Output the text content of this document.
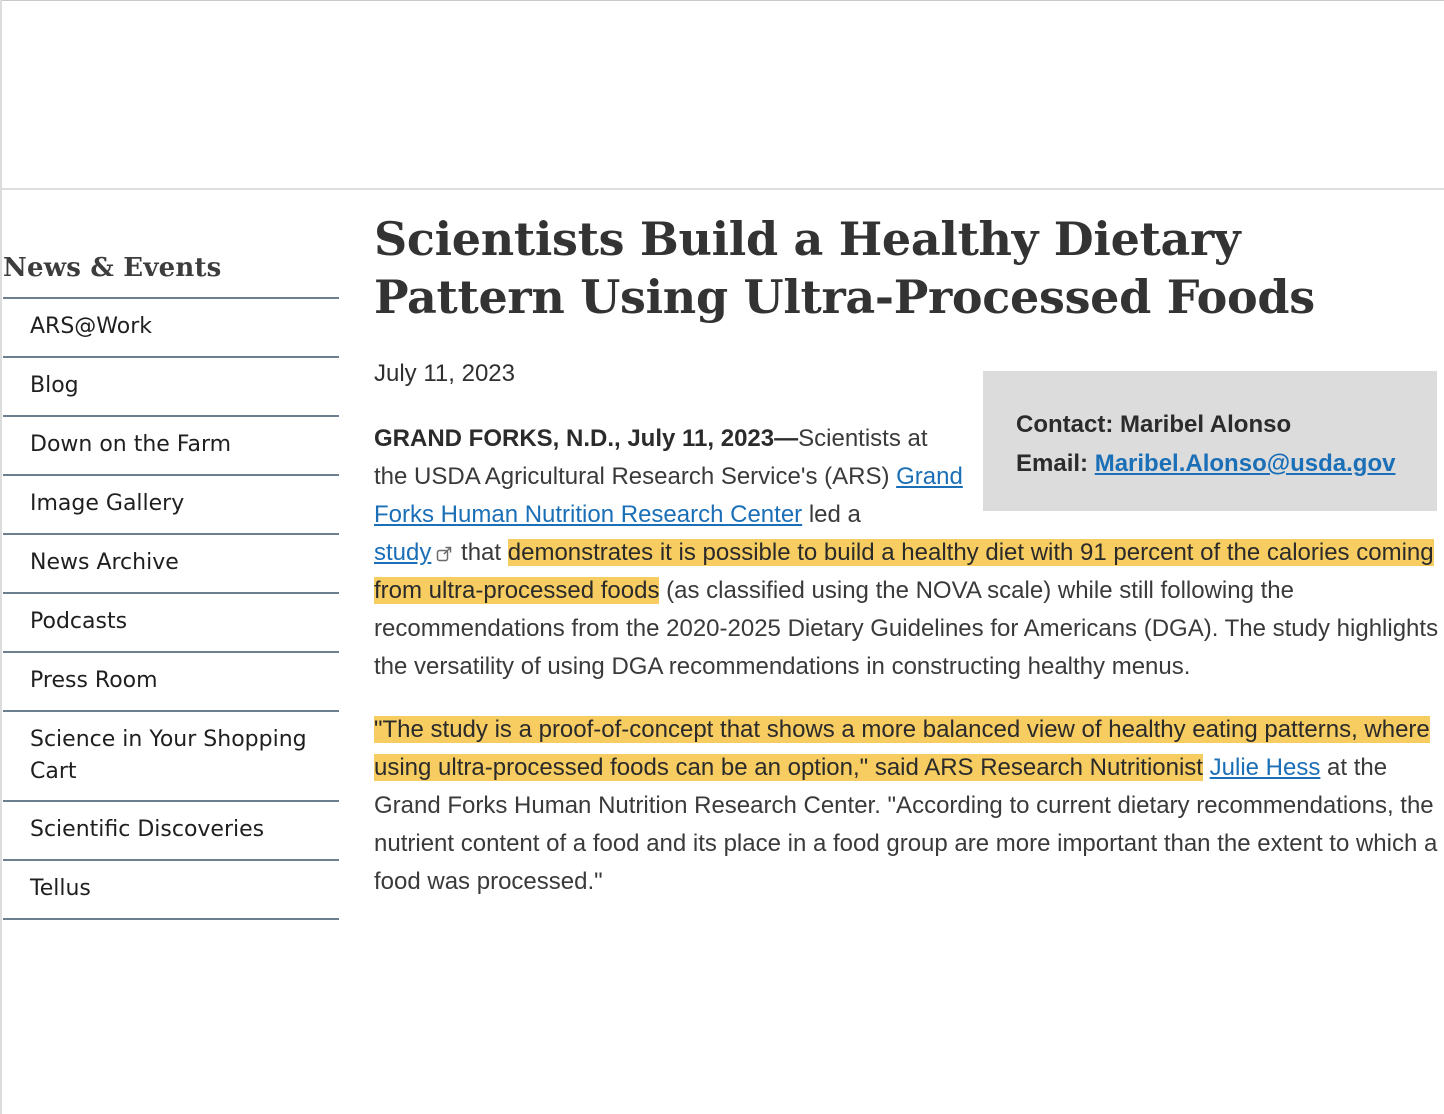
News & Events
ARS@Work
Blog
Down on the Farm
Image Gallery
News Archive
Podcasts
Press Room
Science in Your Shopping Cart
Scientific Discoveries
Tellus
Scientists Build a Healthy Dietary Pattern Using Ultra-Processed Foods
July 11, 2023
Contact: Maribel Alonso
Email: Maribel.Alonso@usda.gov

GRAND FORKS, N.D., July 11, 2023—Scientists at the USDA Agricultural Research Service's (ARS) Grand Forks Human Nutrition Research Center led a
study that demonstrates it is possible to build a healthy diet with 91 percent of the calories coming from ultra-processed foods (as classified using the NOVA scale) while still following the recommendations from the 2020-2025 Dietary Guidelines for Americans (DGA). The study highlights the versatility of using DGA recommendations in constructing healthy menus.

"The study is a proof-of-concept that shows a more balanced view of healthy eating patterns, where using ultra-processed foods can be an option," said ARS Research Nutritionist Julie Hess at the Grand Forks Human Nutrition Research Center. "According to current dietary recommendations, the nutrient content of a food and its place in a food group are more important than the extent to which a food was processed."
